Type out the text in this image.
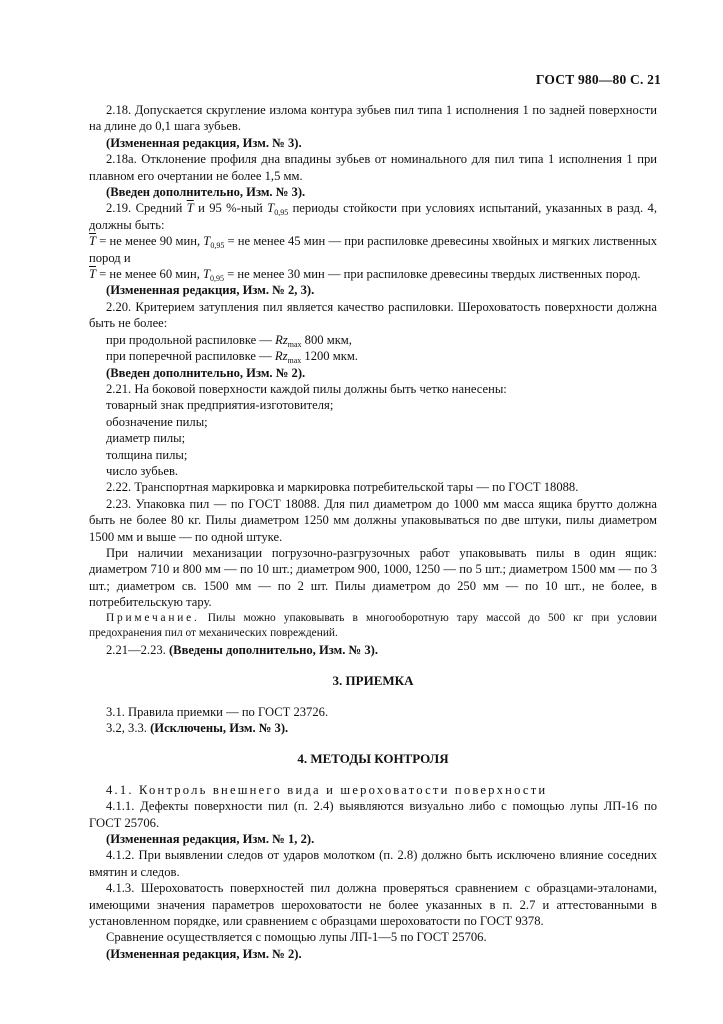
ГОСТ 980—80 С. 21

2.18. Допускается скругление излома контура зубьев пил типа 1 исполнения 1 по задней поверхности на длине до 0,1 шага зубьев.

(Измененная редакция, Изм. № 3).

2.18а. Отклонение профиля дна впадины зубьев от номинального для пил типа 1 исполнения 1 при плавном его очертании не более 1,5 мм.

(Введен дополнительно, Изм. № 3).

2.19. Средний $\overline{T}$ и 95 %-ный $T_{0,95}$ периоды стойкости при условиях испытаний, указанных в разд. 4, должны быть:

$\overline{T}$ = не менее 90 мин, $T_{0,95}$ = не менее 45 мин — при распиловке древесины хвойных и мягких лиственных пород и

$\overline{T}$ = не менее 60 мин, $T_{0,95}$ = не менее 30 мин — при распиловке древесины твердых лиственных пород.

(Измененная редакция, Изм. № 2, 3).

2.20. Критерием затупления пил является качество распиловки. Шероховатость поверхности должна быть не более:

при продольной распиловке — $Rz_{max}$ 800 мкм,

при поперечной распиловке — $Rz_{max}$ 1200 мкм.

(Введен дополнительно, Изм. № 2).

2.21. На боковой поверхности каждой пилы должны быть четко нанесены:

товарный знак предприятия-изготовителя;

обозначение пилы;

диаметр пилы;

толщина пилы;

число зубьев.

2.22. Транспортная маркировка и маркировка потребительской тары — по ГОСТ 18088.

2.23. Упаковка пил — по ГОСТ 18088. Для пил диаметром до 1000 мм масса ящика брутто должна быть не более 80 кг. Пилы диаметром 1250 мм должны упаковываться по две штуки, пилы диаметром 1500 мм и выше — по одной штуке.

При наличии механизации погрузочно-разгрузочных работ упаковывать пилы в один ящик: диаметром 710 и 800 мм — по 10 шт.; диаметром 900, 1000, 1250 — по 5 шт.; диаметром 1500 мм — по 3 шт.; диаметром св. 1500 мм — по 2 шт. Пилы диаметром до 250 мм — по 10 шт., не более, в потребительскую тару.

Примечание. Пилы можно упаковывать в многооборотную тару массой до 500 кг при условии предохранения пил от механических повреждений.

2.21—2.23. (Введены дополнительно, Изм. № 3).

3. ПРИЕМКА

3.1. Правила приемки — по ГОСТ 23726.

3.2, 3.3. (Исключены, Изм. № 3).

4. МЕТОДЫ КОНТРОЛЯ

4.1. Контроль внешнего вида и шероховатости поверхности

4.1.1. Дефекты поверхности пил (п. 2.4) выявляются визуально либо с помощью лупы ЛП-16 по ГОСТ 25706.

(Измененная редакция, Изм. № 1, 2).

4.1.2. При выявлении следов от ударов молотком (п. 2.8) должно быть исключено влияние соседних вмятин и следов.

4.1.3. Шероховатость поверхностей пил должна проверяться сравнением с образцами-эталонами, имеющими значения параметров шероховатости не более указанных в п. 2.7 и аттестованными в установленном порядке, или сравнением с образцами шероховатости по ГОСТ 9378.

Сравнение осуществляется с помощью лупы ЛП-1—5 по ГОСТ 25706.

(Измененная редакция, Изм. № 2).
